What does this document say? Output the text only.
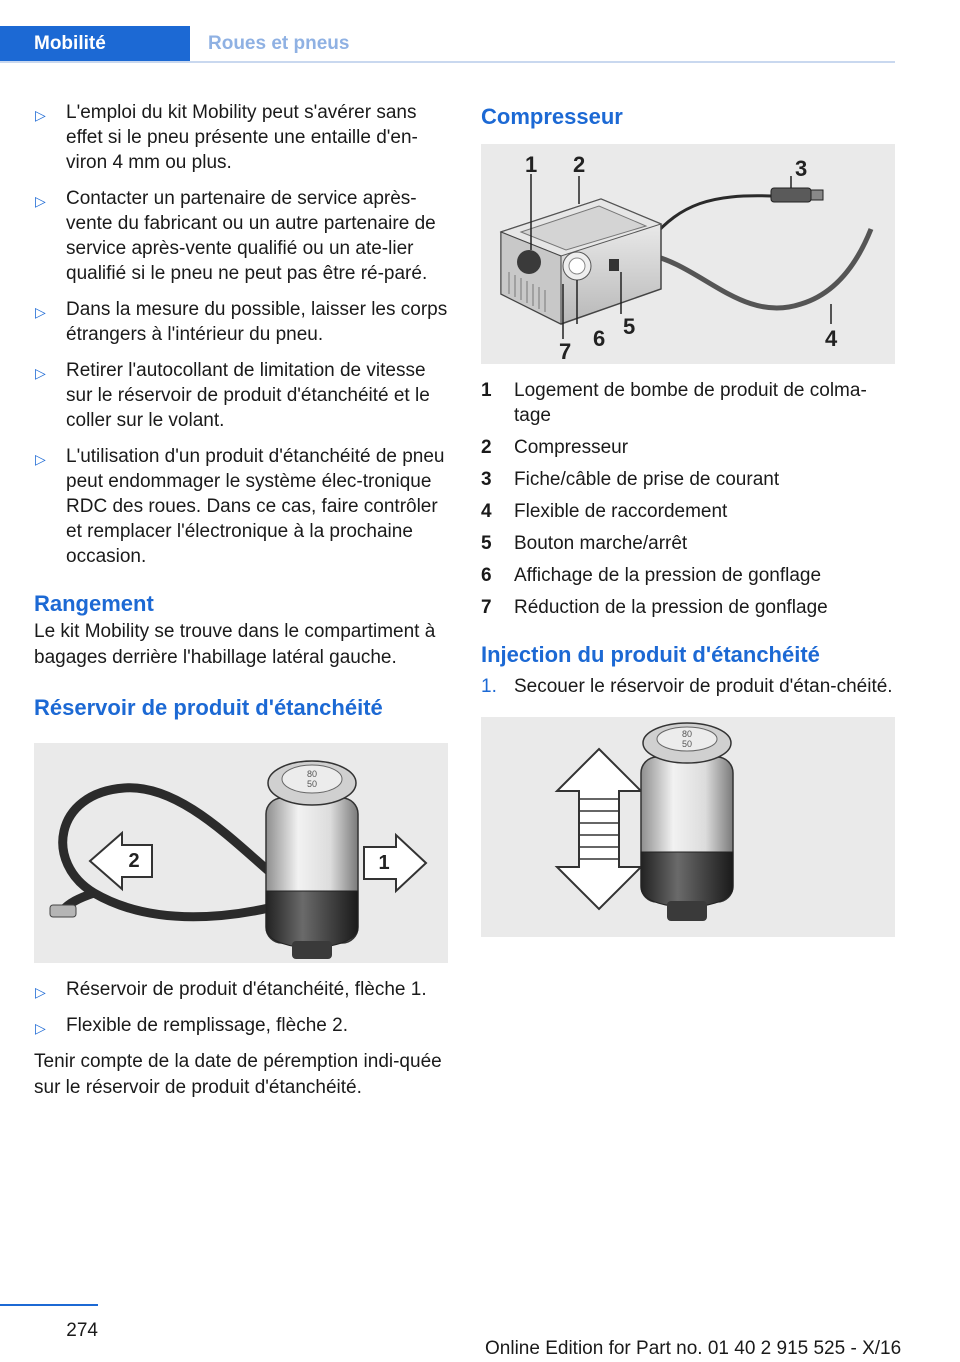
Mobilité	Roues et pneus
▷ L'emploi du kit Mobility peut s'avérer sans effet si le pneu présente une entaille d'en-viron 4 mm ou plus.
▷ Contacter un partenaire de service après-vente du fabricant ou un autre partenaire de service après-vente qualifié ou un ate-lier qualifié si le pneu ne peut pas être ré-paré.
▷ Dans la mesure du possible, laisser les corps étrangers à l'intérieur du pneu.
▷ Retirer l'autocollant de limitation de vitesse sur le réservoir de produit d'étanchéité et le coller sur le volant.
▷ L'utilisation d'un produit d'étanchéité de pneu peut endommager le système élec-tronique RDC des roues. Dans ce cas, faire contrôler et remplacer l'électronique à la prochaine occasion.
Rangement

Le kit Mobility se trouve dans le compartiment à bagages derrière l'habillage latéral gauche.

Réservoir de produit d'étanchéité
80
50
2	1
▷ Réservoir de produit d'étanchéité, flèche 1.
▷ Flexible de remplissage, flèche 2.

Tenir compte de la date de péremption indi-quée sur le réservoir de produit d'étanchéité.

Compresseur
1 2	3
4
5
6
7
1	Logement de bombe de produit de colma-tage
2	Compresseur
3	Fiche/câble de prise de courant
4	Flexible de raccordement
5	Bouton marche/arrêt
6	Affichage de la pression de gonflage
7	Réduction de la pression de gonflage
Injection du produit d'étanchéité
1. Secouer le réservoir de produit d'étan-chéité.
80
50
274
Online Edition for Part no. 01 40 2 915 525 - X/16
